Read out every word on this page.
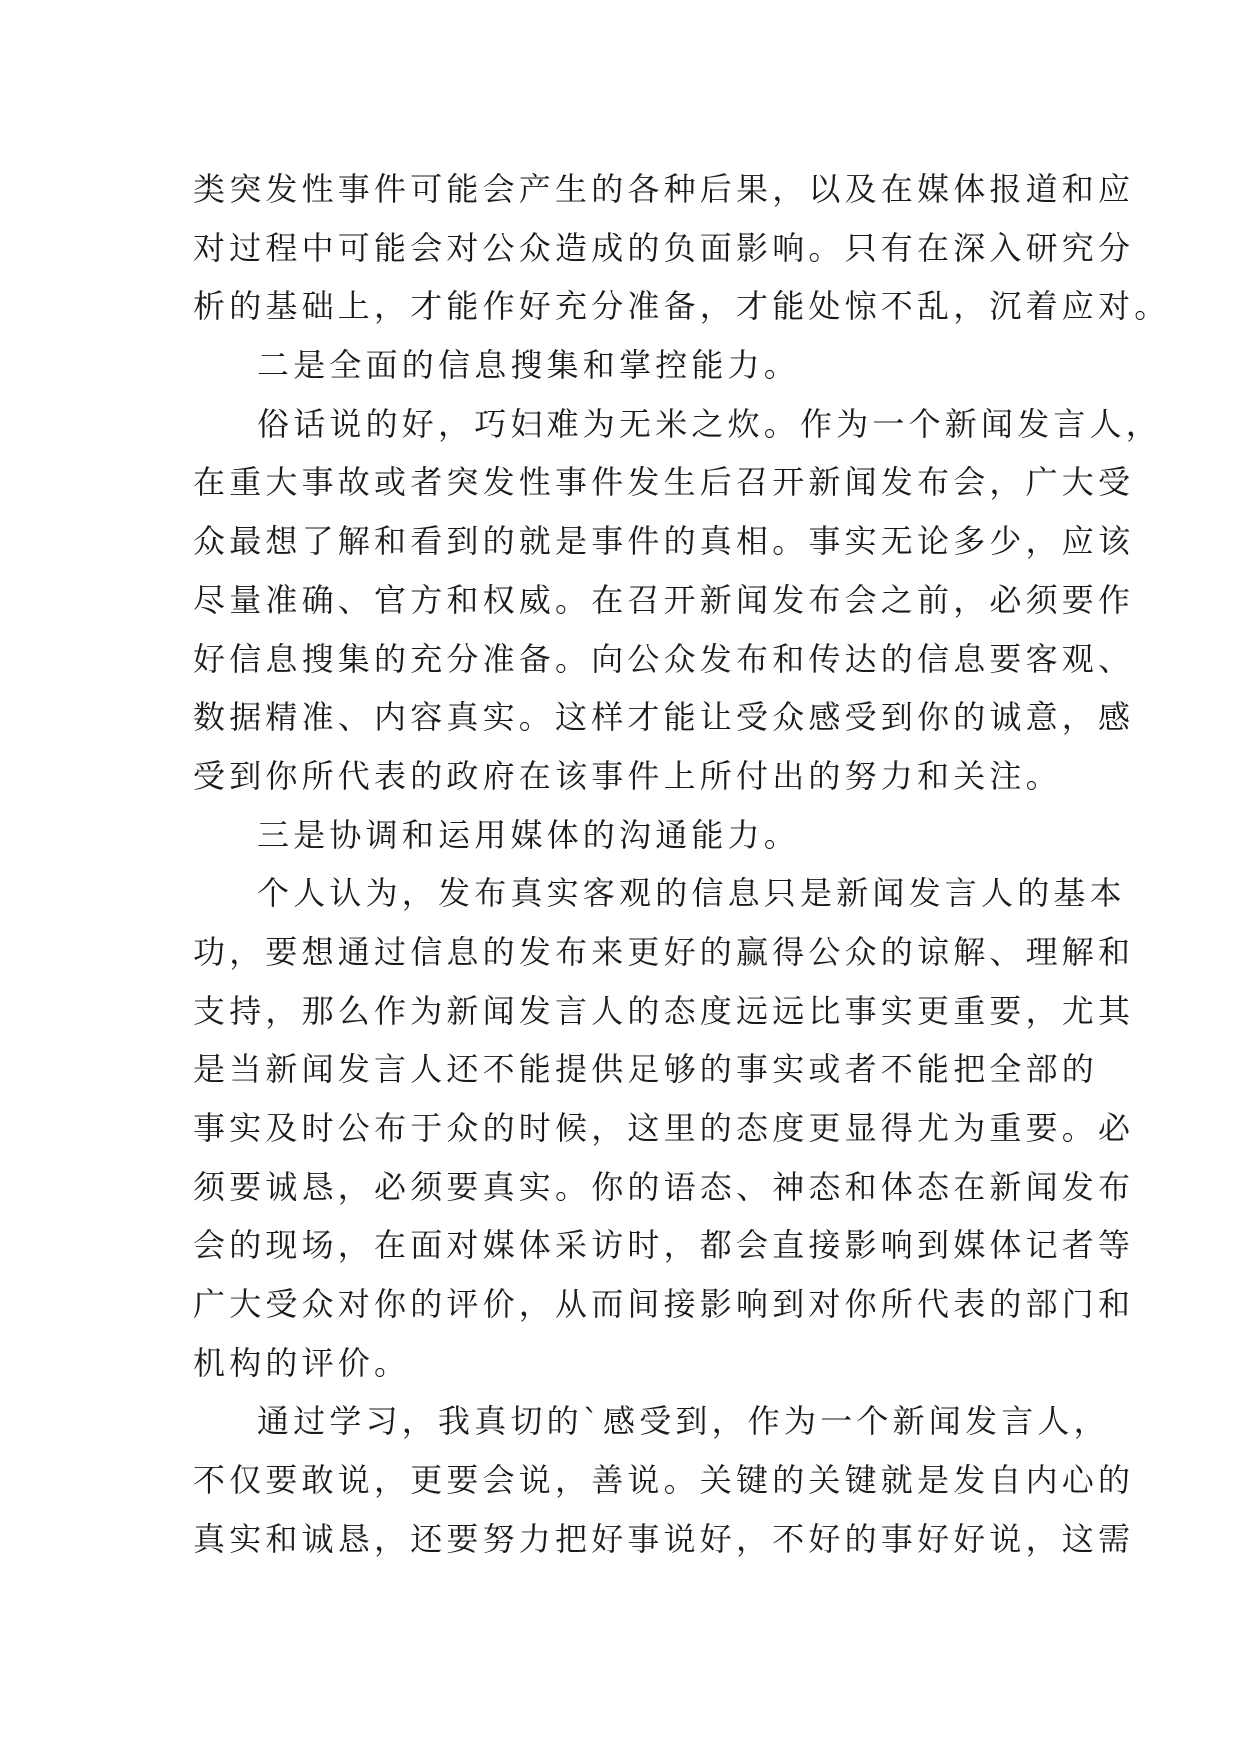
类突发性事件可能会产生的各种后果，以及在媒体报道和应
对过程中可能会对公众造成的负面影响。只有在深入研究分
析的基础上，才能作好充分准备，才能处惊不乱，沉着应对。
二是全面的信息搜集和掌控能力。
俗话说的好，巧妇难为无米之炊。作为一个新闻发言人，
在重大事故或者突发性事件发生后召开新闻发布会，广大受
众最想了解和看到的就是事件的真相。事实无论多少，应该
尽量准确、官方和权威。在召开新闻发布会之前，必须要作
好信息搜集的充分准备。向公众发布和传达的信息要客观、
数据精准、内容真实。这样才能让受众感受到你的诚意，感
受到你所代表的政府在该事件上所付出的努力和关注。
三是协调和运用媒体的沟通能力。
个人认为，发布真实客观的信息只是新闻发言人的基本
功，要想通过信息的发布来更好的赢得公众的谅解、理解和
支持，那么作为新闻发言人的态度远远比事实更重要，尤其
是当新闻发言人还不能提供足够的事实或者不能把全部的
事实及时公布于众的时候，这里的态度更显得尤为重要。必
须要诚恳，必须要真实。你的语态、神态和体态在新闻发布
会的现场，在面对媒体采访时，都会直接影响到媒体记者等
广大受众对你的评价，从而间接影响到对你所代表的部门和
机构的评价。
通过学习，我真切的`感受到，作为一个新闻发言人，
不仅要敢说，更要会说，善说。关键的关键就是发自内心的
真实和诚恳，还要努力把好事说好，不好的事好好说，这需
